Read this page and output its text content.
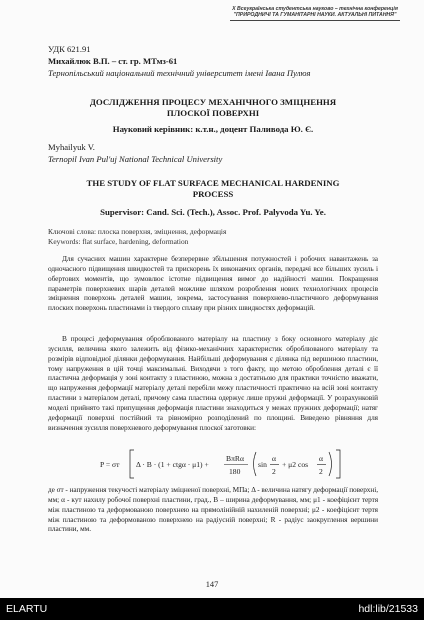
X Всеукраїнська студентська науково – технічна конференція
"ПРИРОДНИЧІ ТА ГУМАНІТАРНІ НАУКИ. АКТУАЛЬНІ ПИТАННЯ"
УДК 621.91
Михайлюк В.П. – ст. гр. МТмз-61
Тернопільський національний технічний університет імені Івана Пулюя
ДОСЛІДЖЕННЯ ПРОЦЕСУ МЕХАНІЧНОГО ЗМІЦНЕННЯ
ПЛОСКОЇ ПОВЕРХНІ
Науковий керівник: к.т.н., доцент Паливода Ю. Є.
Myhailyuk V.
Ternopil Ivan Pul'uj National Technical University
THE STUDY OF FLAT SURFACE MECHANICAL HARDENING
PROCESS
Supervisor: Cand. Sci. (Tech.), Assoc. Prof. Palyvoda Yu. Ye.
Ключові слова: плоска поверхня, зміцнення, деформація
Keywords: flat surface, hardening, deformation
Для сучасних машин характерне безперервне збільшення потужностей і робочих навантажень за одночасного підвищення швидкостей та прискорень їх виконавчих органів, передачі все більших зусиль і обертових моментів, що зумовлює істотне підвищення вимог до надійності машин. Покращення параметрів поверхневих шарів деталей можливе шляхом розроблення нових технологічних процесів зміцнення поверхонь деталей машин, зокрема, застосування поверхнево-пластичного деформування плоских поверхонь пластинами із твердого сплаву при різних швидкостях деформацій.
В процесі деформування оброблюваного матеріалу на пластину з боку основного матеріалу діє зусилля, величина якого залежить від фізико-механічних характеристик оброблюваного матеріалу та розмірів відповідної ділянки деформування. Найбільші деформування є ділянка під вершиною пластини, тому напруження в цій точці максимальні. Виходячи з того факту, що метою оброблення деталі є її пластична деформація у зоні контакту з пластиною, можна з достатньою для практики точністю вважати, що напруження деформації матеріалу деталі перебіли межу пластичності практично на всій зоні контакту пластини з матеріалом деталі, причому сама пластина одержує лише пружні деформації. У розрахунковій моделі прийнято такі припущення деформація пластини знаходиться у межах пружних деформації; натяг деформації поверхні постійний та рівномірно розподілений по площині. Виведено рівняння для визначення зусилля поверхневого деформування плоскої заготовки:
P = σт Δ · B · (1 + ctgα · μ1) +
BπRα
180
sin
α
2
+ μ2 cos
α
2
де σт - напруження текучості матеріалу зміцненої поверхні, МПа; Δ - величина натягу деформації поверхні, мм; α - кут нахилу робочої поверхні пластини, град., B – ширина деформування, мм; μ1 - коефіцієнт тертя між пластиною та деформованою поверхнею на прямолінійній нахиленій поверхні; μ2 - коефіцієнт тертя між пластиною та деформованою поверхнею на радіусній поверхні; R - радіус заокруглення вершини пластини, мм.
147
ELARTU	hdl:lib/21533
